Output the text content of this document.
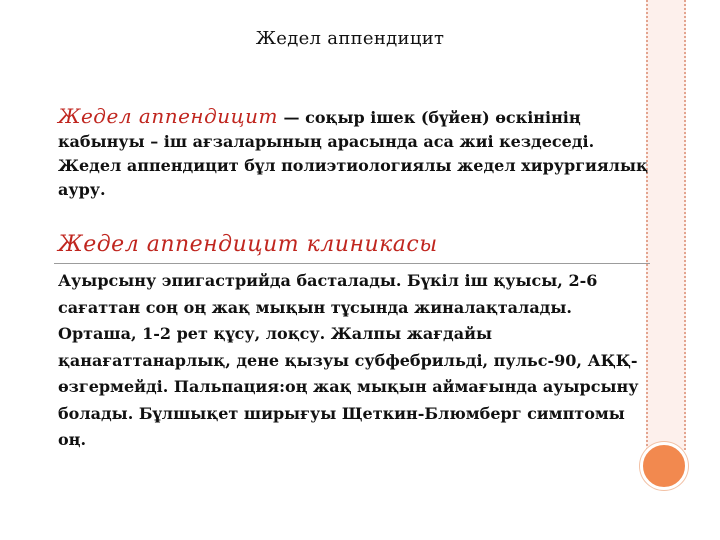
Жедел аппендицит

Жедел аппендицит — соқыр ішек (бүйен) өскінінің кабынуы – іш ағзаларының арасында аса жиі кездеседі. Жедел аппендицит бұл полиэтиологиялы жедел хирургиялық ауру.

Жедел аппендицит клиникасы

Ауырсыну эпигастрийда басталады. Бүкіл іш қуысы, 2-6 сағаттан соң оң жақ мықын тұсында жиналақталады. Орташа, 1-2 рет құсу, лоқсу. Жалпы жағдайы қанағаттанарлық, дене қызуы субфебрильді, пульс-90, АҚҚ-өзгермейді. Пальпация:оң жақ мықын аймағында ауырсыну болады. Бұлшықет ширығуы Щеткин-Блюмберг симптомы оң.
